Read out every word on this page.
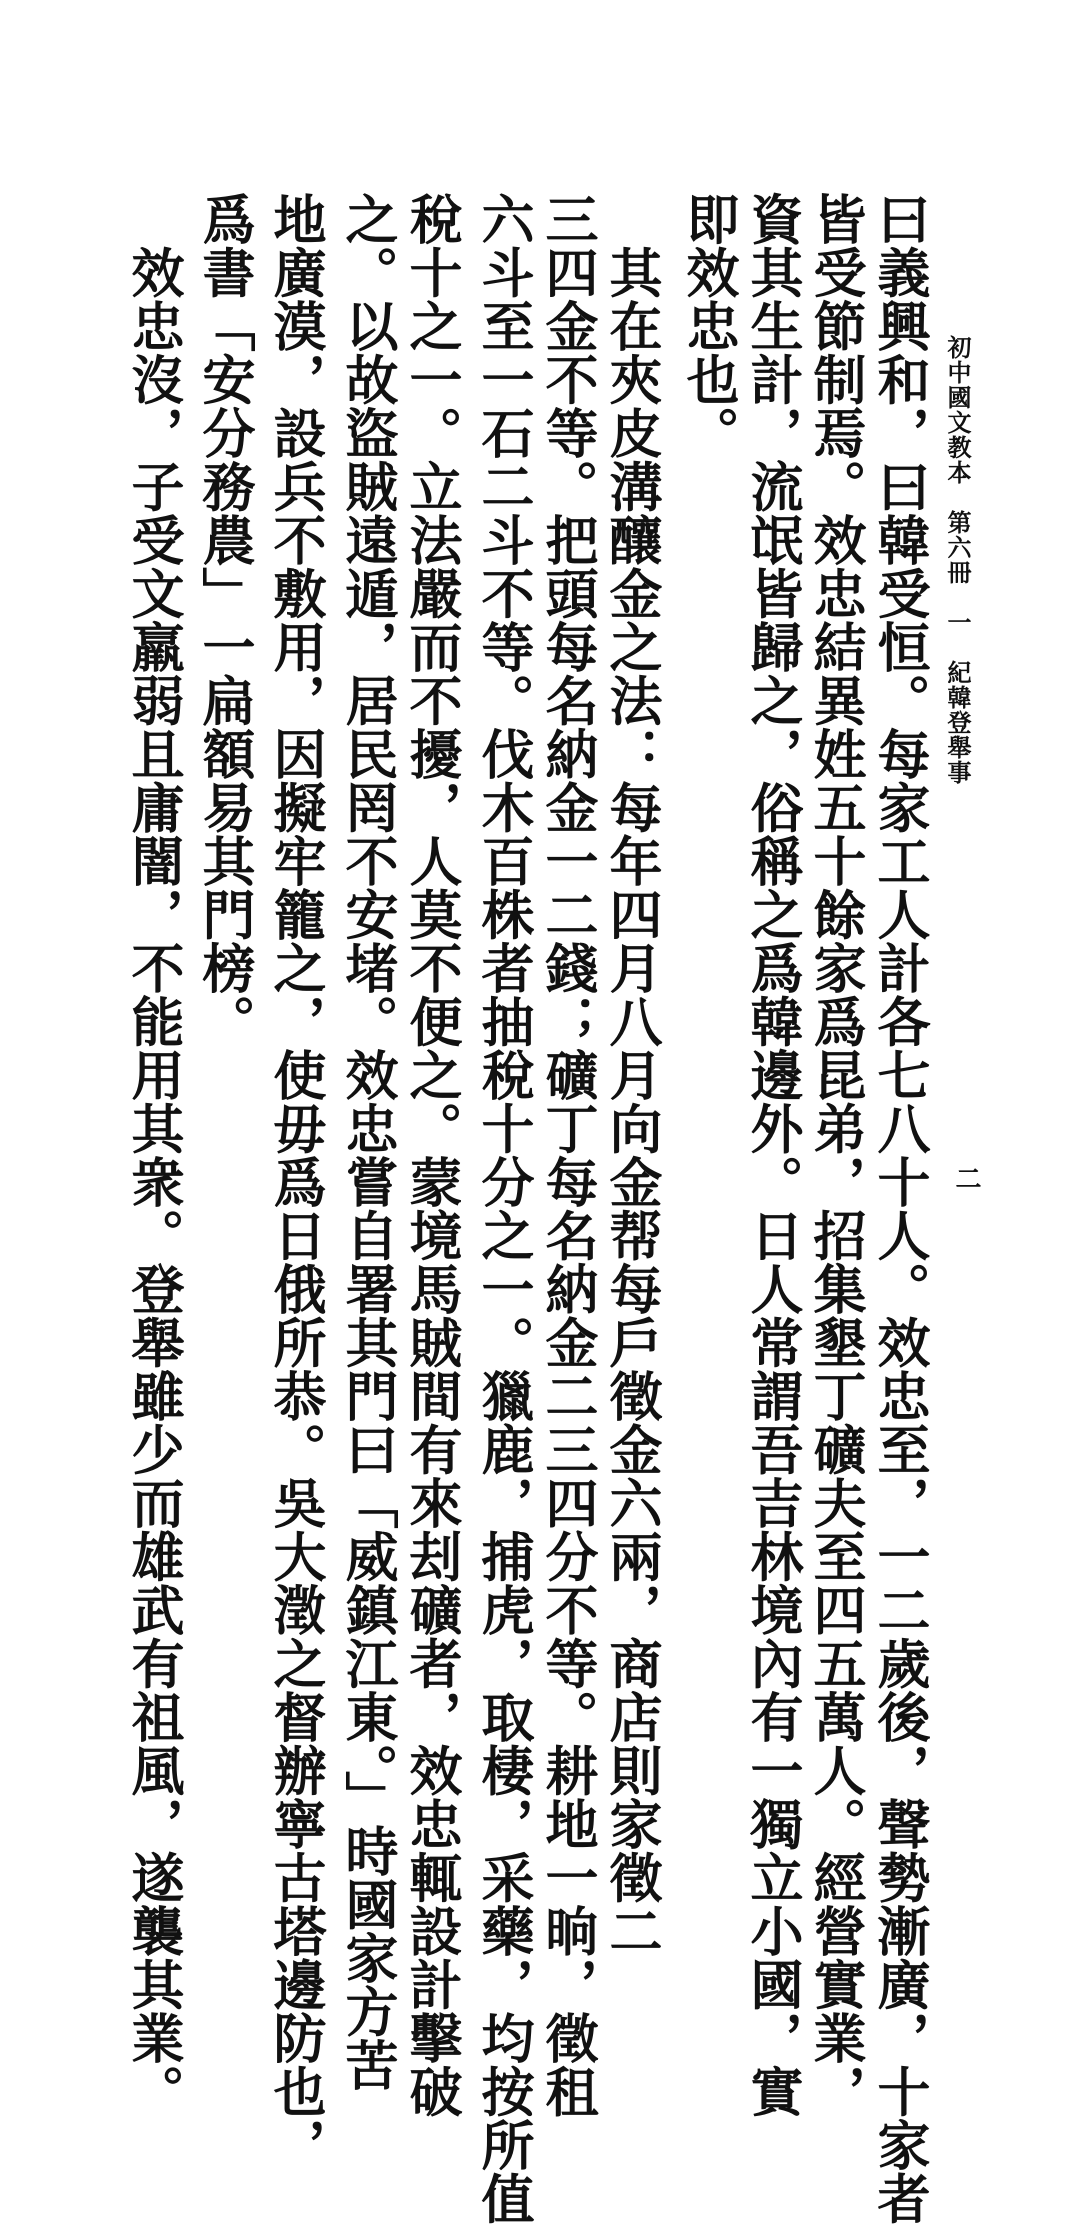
初中國文教本　第六冊　一　紀韓登舉事
二
曰義興和，曰韓受恒。每家工人計各七八十人。效忠至，一二歲後，聲勢漸廣，十家者
皆受節制焉。效忠結異姓五十餘家爲昆弟，招集墾丁礦夫至四五萬人。經營實業，
資其生計，流氓皆歸之，俗稱之爲韓邊外。日人常謂吾吉林境內有一獨立小國，實
即效忠也。
　其在夾皮溝釀金之法：每年四月八月向金帮每戶徵金六兩，商店則家徵二
三四金不等。把頭每名納金一二錢；礦丁每名納金二三四分不等。耕地一晌，徵租
六斗至一石二斗不等。伐木百株者抽稅十分之一。獵鹿，捕虎，取棲，采藥，均按所值
稅十之一。立法嚴而不擾，人莫不便之。蒙境馬賊間有來刦礦者，效忠輒設計擊破
之。以故盜賊遠遁，居民罔不安堵。效忠嘗自署其門曰「威鎮江東。」時國家方苦
地廣漠，設兵不敷用，因擬牢籠之，使毋爲日俄所恭。吳大澂之督辦寧古塔邊防也，
爲書「安分務農」一扁額易其門榜。
　效忠沒，子受文羸弱且庸闇，不能用其衆。登舉雖少而雄武有祖風，遂襲其業。
